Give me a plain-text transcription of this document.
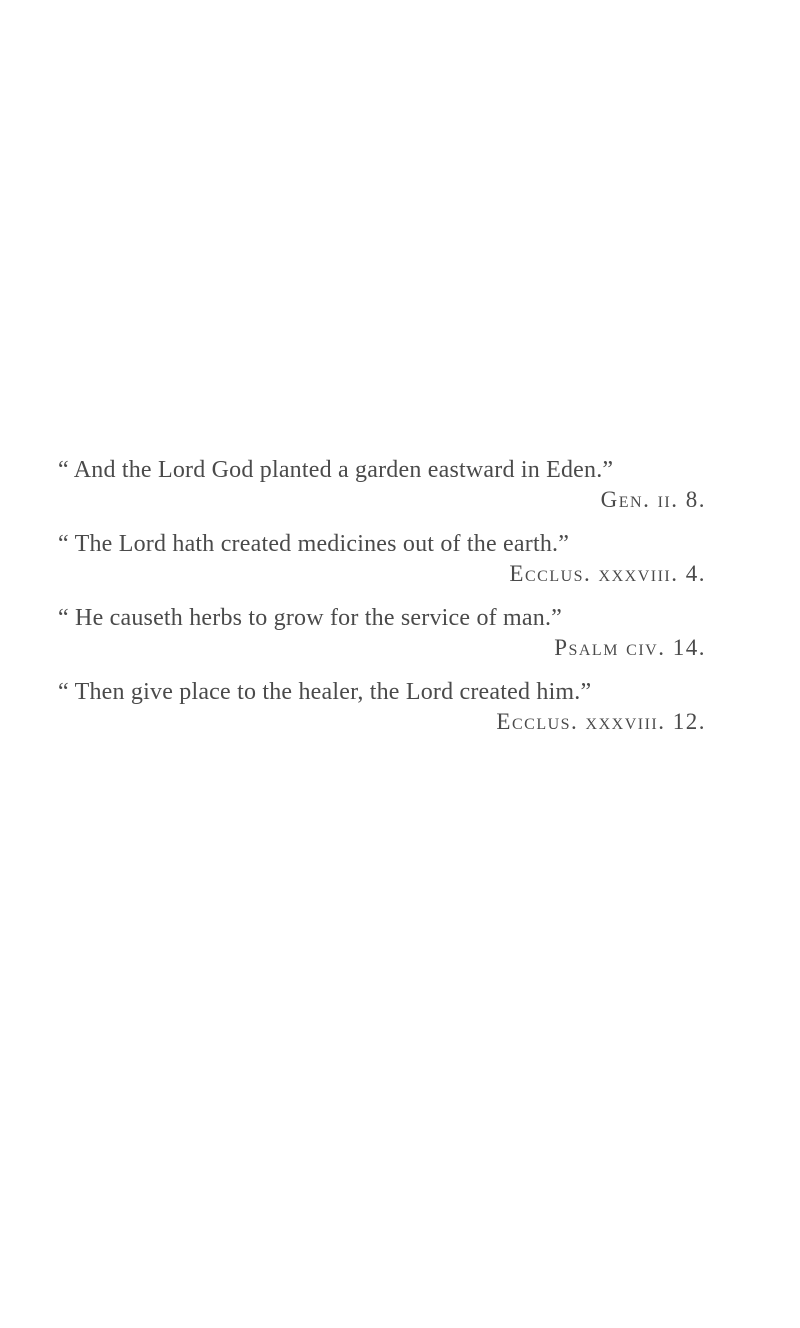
“ And the Lord God planted a garden eastward in Eden.”
Gen. ii. 8.
“ The Lord hath created medicines out of the earth.”
Ecclus. xxxviii. 4.
“ He causeth herbs to grow for the service of man.”
Psalm civ. 14.
“ Then give place to the healer, the Lord created him.”
Ecclus. xxxviii. 12.
